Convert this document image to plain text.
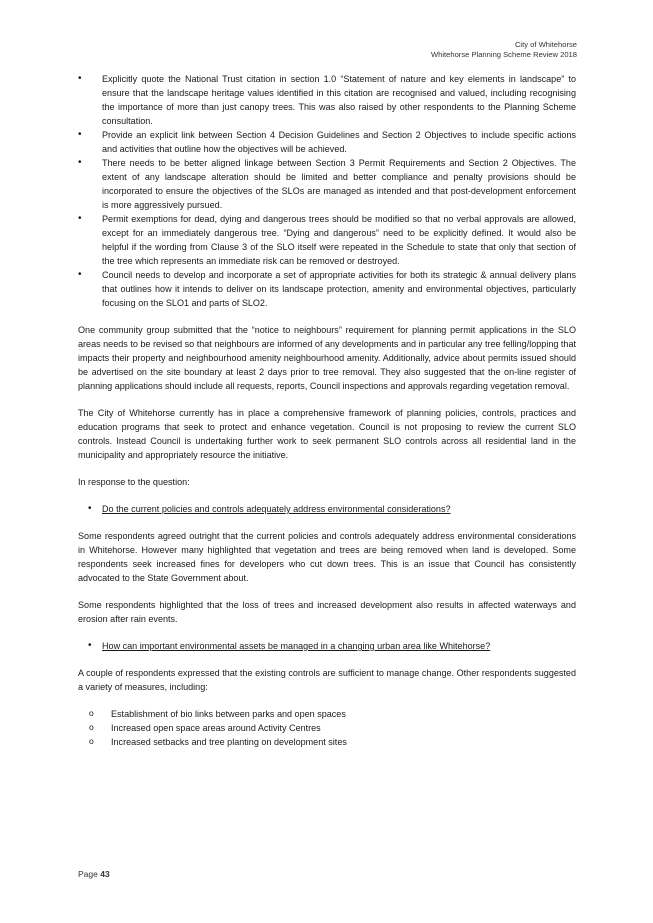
City of Whitehorse
Whitehorse Planning Scheme Review 2018
• Explicitly quote the National Trust citation in section 1.0 “Statement of nature and key elements in landscape” to ensure that the landscape heritage values identified in this citation are recognised and valued, including recognising the importance of more than just canopy trees. This was also raised by other respondents to the Planning Scheme consultation.
• Provide an explicit link between Section 4 Decision Guidelines and Section 2 Objectives to include specific actions and activities that outline how the objectives will be achieved.
• There needs to be better aligned linkage between Section 3 Permit Requirements and Section 2 Objectives. The extent of any landscape alteration should be limited and better compliance and penalty provisions should be incorporated to ensure the objectives of the SLOs are managed as intended and that post-development enforcement is more aggressively pursued.
• Permit exemptions for dead, dying and dangerous trees should be modified so that no verbal approvals are allowed, except for an immediately dangerous tree. “Dying and dangerous” need to be explicitly defined. It would also be helpful if the wording from Clause 3 of the SLO itself were repeated in the Schedule to state that only that section of the tree which represents an immediate risk can be removed or destroyed.
• Council needs to develop and incorporate a set of appropriate activities for both its strategic & annual delivery plans that outlines how it intends to deliver on its landscape protection, amenity and environmental objectives, particularly focusing on the SLO1 and parts of SLO2.

One community group submitted that the “notice to neighbours” requirement for planning permit applications in the SLO areas needs to be revised so that neighbours are informed of any developments and in particular any tree felling/lopping that impacts their property and neighbourhood amenity neighbourhood amenity. Additionally, advice about permits issued should be advertised on the site boundary at least 2 days prior to tree removal. They also suggested that the on-line register of planning applications should include all requests, reports, Council inspections and approvals regarding vegetation removal.

The City of Whitehorse currently has in place a comprehensive framework of planning policies, controls, practices and education programs that seek to protect and enhance vegetation. Council is not proposing to review the current SLO controls. Instead Council is undertaking further work to seek permanent SLO controls across all residential land in the municipality and appropriately resource the initiative.

In response to the question:

• Do the current policies and controls adequately address environmental considerations?

Some respondents agreed outright that the current policies and controls adequately address environmental considerations in Whitehorse. However many highlighted that vegetation and trees are being removed when land is developed. Some respondents seek increased fines for developers who cut down trees. This is an issue that Council has consistently advocated to the State Government about.

Some respondents highlighted that the loss of trees and increased development also results in affected waterways and erosion after rain events.

• How can important environmental assets be managed in a changing urban area like Whitehorse?

A couple of respondents expressed that the existing controls are sufficient to manage change. Other respondents suggested a variety of measures, including:

o Establishment of bio links between parks and open spaces
o Increased open space areas around Activity Centres
o Increased setbacks and tree planting on development sites
Page 43
